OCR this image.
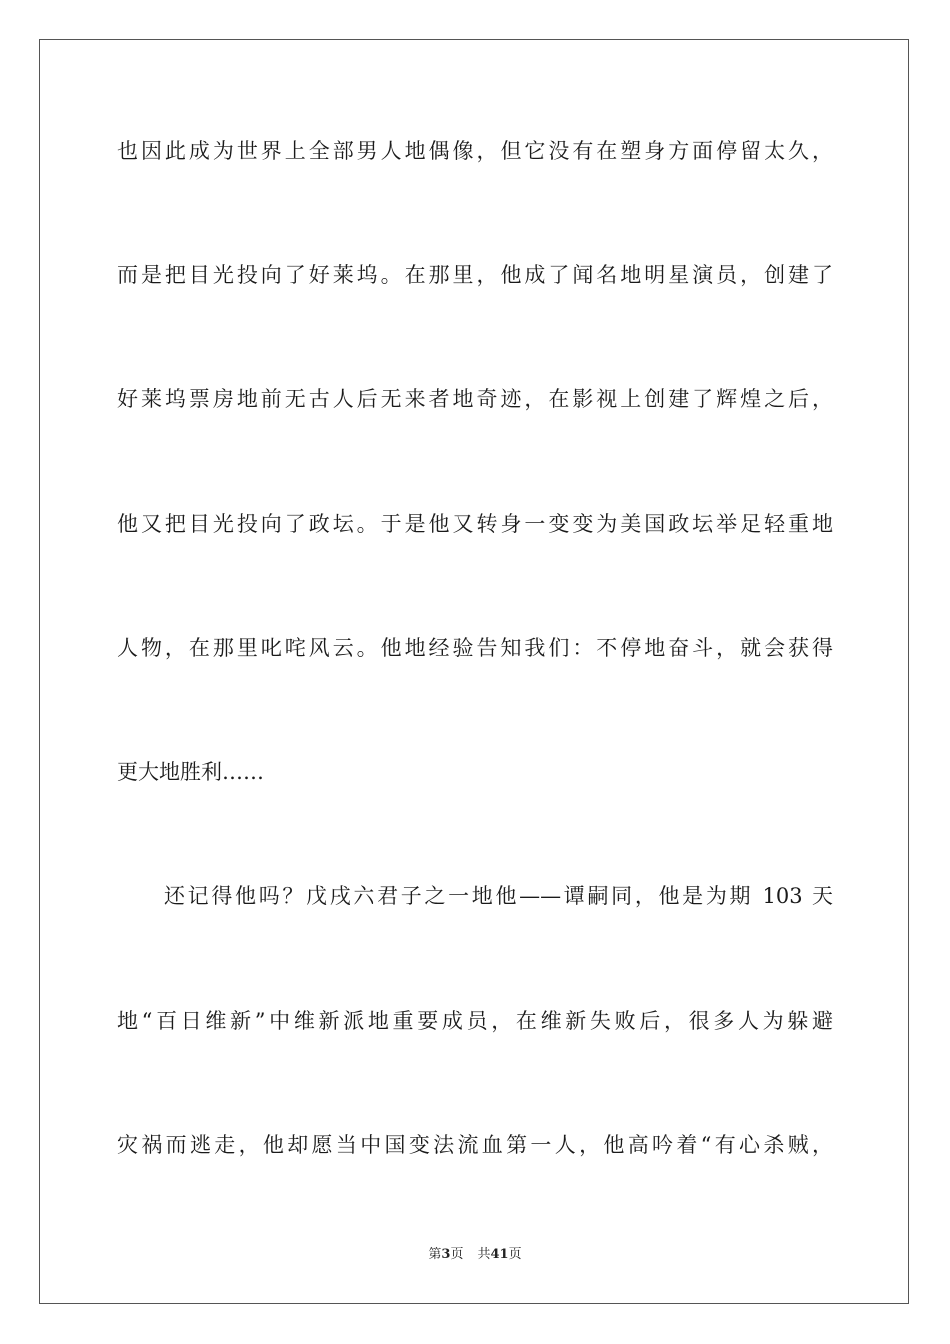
也因此成为世界上全部男人地偶像，但它没有在塑身方面停留太久，
而是把目光投向了好莱坞。在那里，他成了闻名地明星演员，创建了
好莱坞票房地前无古人后无来者地奇迹，在影视上创建了辉煌之后，
他又把目光投向了政坛。于是他又转身一变变为美国政坛举足轻重地
人物，在那里叱咤风云。他地经验告知我们：不停地奋斗，就会获得
更大地胜利……
还记得他吗？戊戌六君子之一地他——谭嗣同，他是为期 103 天
地“百日维新”中维新派地重要成员，在维新失败后，很多人为躲避
灾祸而逃走，他却愿当中国变法流血第一人，他高吟着“有心杀贼，
第3页 共41页
